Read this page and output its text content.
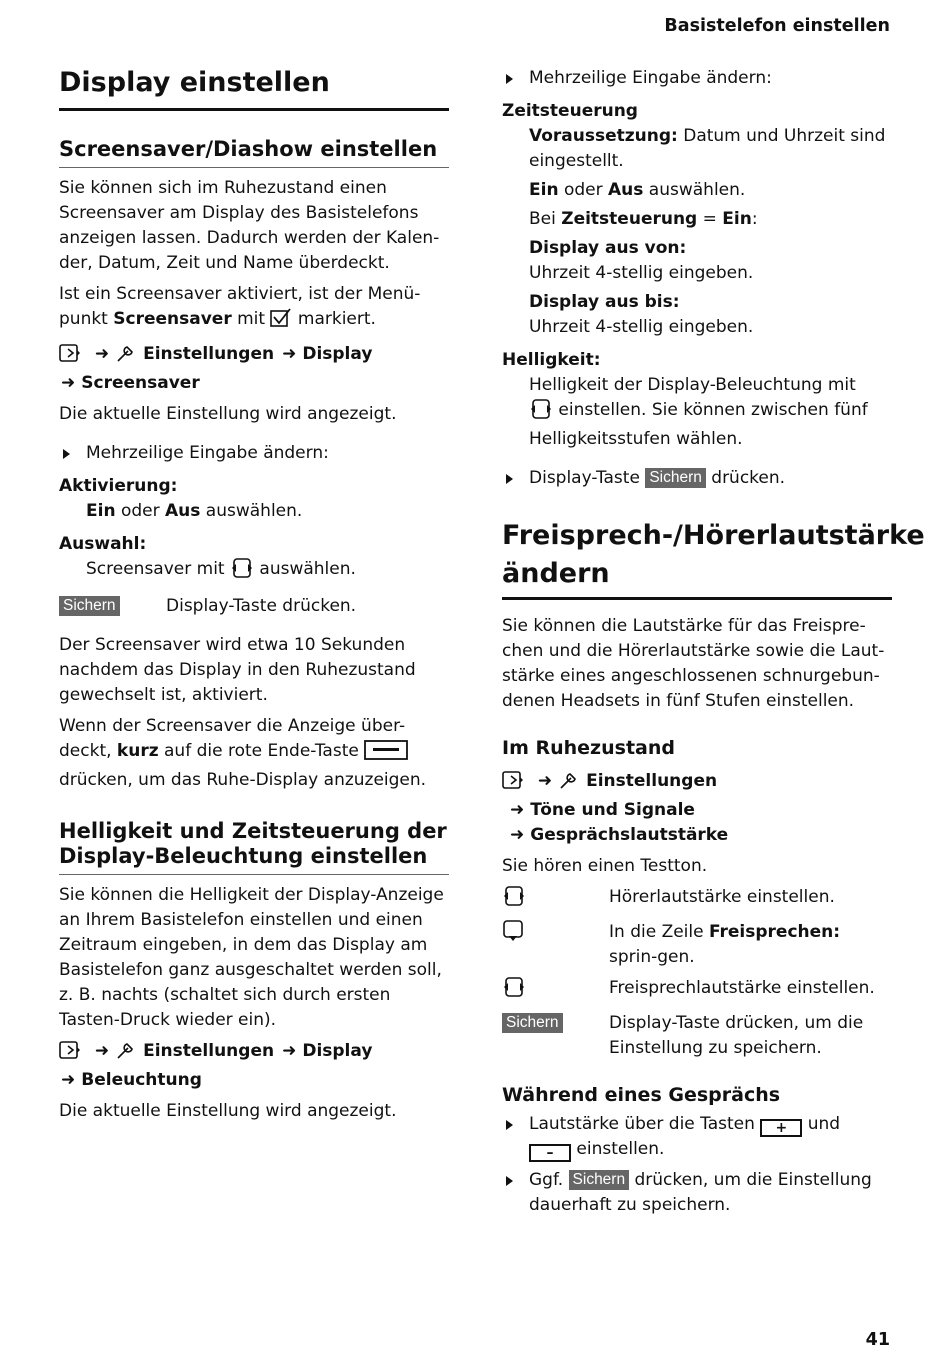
Basistelefon einstellen
Display einstellen
Screensaver/Diashow einstellen

Sie können sich im Ruhezustand einen Screensaver am Display des Basistelefons anzeigen lassen. Dadurch werden der Kalen-der, Datum, Zeit und Name überdeckt.

Ist ein Screensaver aktiviert, ist der Menü-punkt Screensaver mit  markiert.

➜ Einstellungen ➜ Display
➜ Screensaver

Die aktuelle Einstellung wird angezeigt.

Mehrzeilige Eingabe ändern:

Aktivierung:

Ein oder Aus auswählen.

Auswahl:

Screensaver mit  auswählen.

Sichern	Display-Taste drücken.

Der Screensaver wird etwa 10 Sekunden nachdem das Display in den Ruhezustand gewechselt ist, aktiviert.

Wenn der Screensaver die Anzeige über-deckt, kurz auf die rote Ende-Taste  drücken, um das Ruhe-Display anzuzeigen.

Helligkeit und Zeitsteuerung der Display-Beleuchtung einstellen

Sie können die Helligkeit der Display-Anzeige an Ihrem Basistelefon einstellen und einen Zeitraum eingeben, in dem das Display am Basistelefon ganz ausgeschaltet werden soll, z. B. nachts (schaltet sich durch ersten Tasten-Druck wieder ein).

➜ Einstellungen ➜ Display
➜ Beleuchtung

Die aktuelle Einstellung wird angezeigt.

Mehrzeilige Eingabe ändern:

Zeitsteuerung

Voraussetzung: Datum und Uhrzeit sind eingestellt.

Ein oder Aus auswählen.

Bei Zeitsteuerung = Ein:

Display aus von:

Uhrzeit 4-stellig eingeben.

Display aus bis:

Uhrzeit 4-stellig eingeben.

Helligkeit:

Helligkeit der Display-Beleuchtung mit
einstellen. Sie können zwischen fünf Helligkeitsstufen wählen.

Display-Taste Sichern drücken.

Freisprech-/Hörerlautstärke ändern

Sie können die Lautstärke für das Freispre-chen und die Hörerlautstärke sowie die Laut-stärke eines angeschlossenen schnurgebun-denen Headsets in fünf Stufen einstellen.

Im Ruhezustand
➜ Einstellungen
➜ Töne und Signale
➜ Gesprächslautstärke

Sie hören einen Testton.

Hörerlautstärke einstellen.
In die Zeile Freisprechen: sprin-gen.
Freisprechlautstärke einstellen.
Sichern	Display-Taste drücken, um die Einstellung zu speichern.
Während eines Gesprächs

Lautstärke über die Tasten + und
– einstellen.

Ggf. Sichern drücken, um die Einstellung dauerhaft zu speichern.

41
